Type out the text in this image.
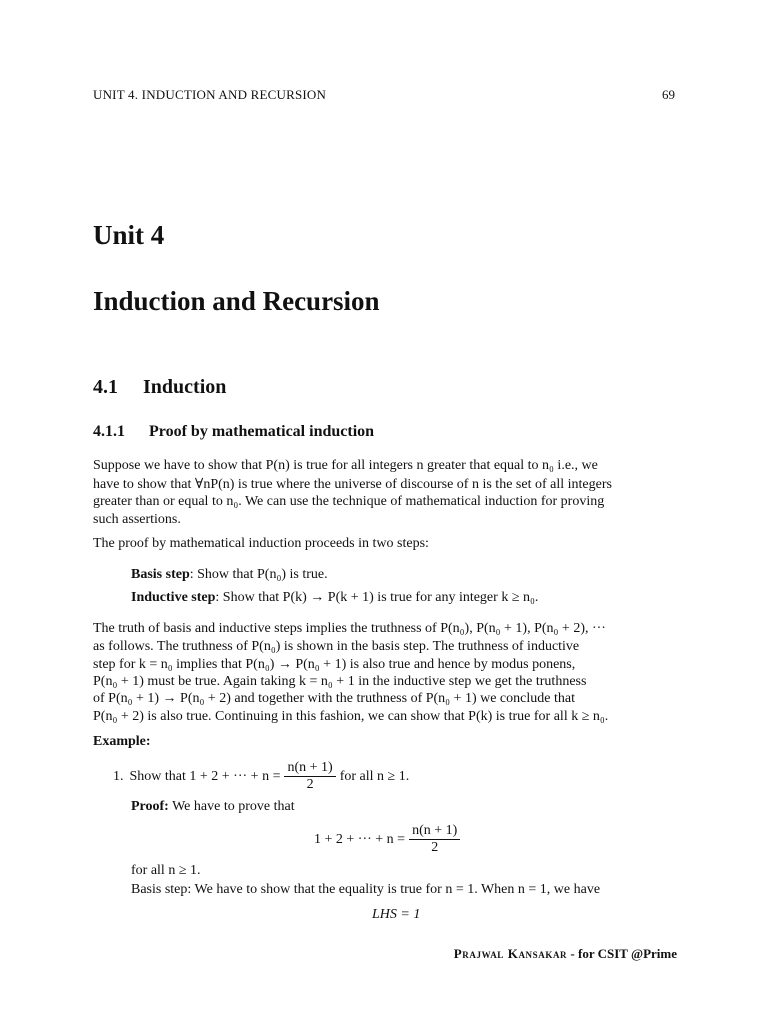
UNIT 4. INDUCTION AND RECURSION	69
Unit 4
Induction and Recursion
4.1 Induction
4.1.1 Proof by mathematical induction
Suppose we have to show that P(n) is true for all integers n greater that equal to n₀ i.e., we
have to show that ∀nP(n) is true where the universe of discourse of n is the set of all integers
greater than or equal to n₀. We can use the technique of mathematical induction for proving
such assertions.
The proof by mathematical induction proceeds in two steps:
Basis step: Show that P(n₀) is true.
Inductive step: Show that P(k) → P(k + 1) is true for any integer k ≥ n₀.
The truth of basis and inductive steps implies the truthness of P(n₀), P(n₀ + 1), P(n₀ + 2), ···
as follows. The truthness of P(n₀) is shown in the basis step. The truthness of inductive
step for k = n₀ implies that P(n₀) → P(n₀ + 1) is also true and hence by modus ponens,
P(n₀ + 1) must be true. Again taking k = n₀ + 1 in the inductive step we get the truthness
of P(n₀ + 1) → P(n₀ + 2) and together with the truthness of P(n₀ + 1) we conclude that
P(n₀ + 2) is also true. Continuing in this fashion, we can show that P(k) is true for all k ≥ n₀.
Example:
1. Show that 1 + 2 + ··· + $n = \frac{n(n + 1)}{2}$ for all n ≥ 1.
Proof: We have to prove that
1 + 2 + ··· + $n = \frac{n(n + 1)}{2}$
for all n ≥ 1.
Basis step: We have to show that the equality is true for n = 1. When n = 1, we have
LHS = 1
Prajwal Kansakar - for CSIT @Prime
